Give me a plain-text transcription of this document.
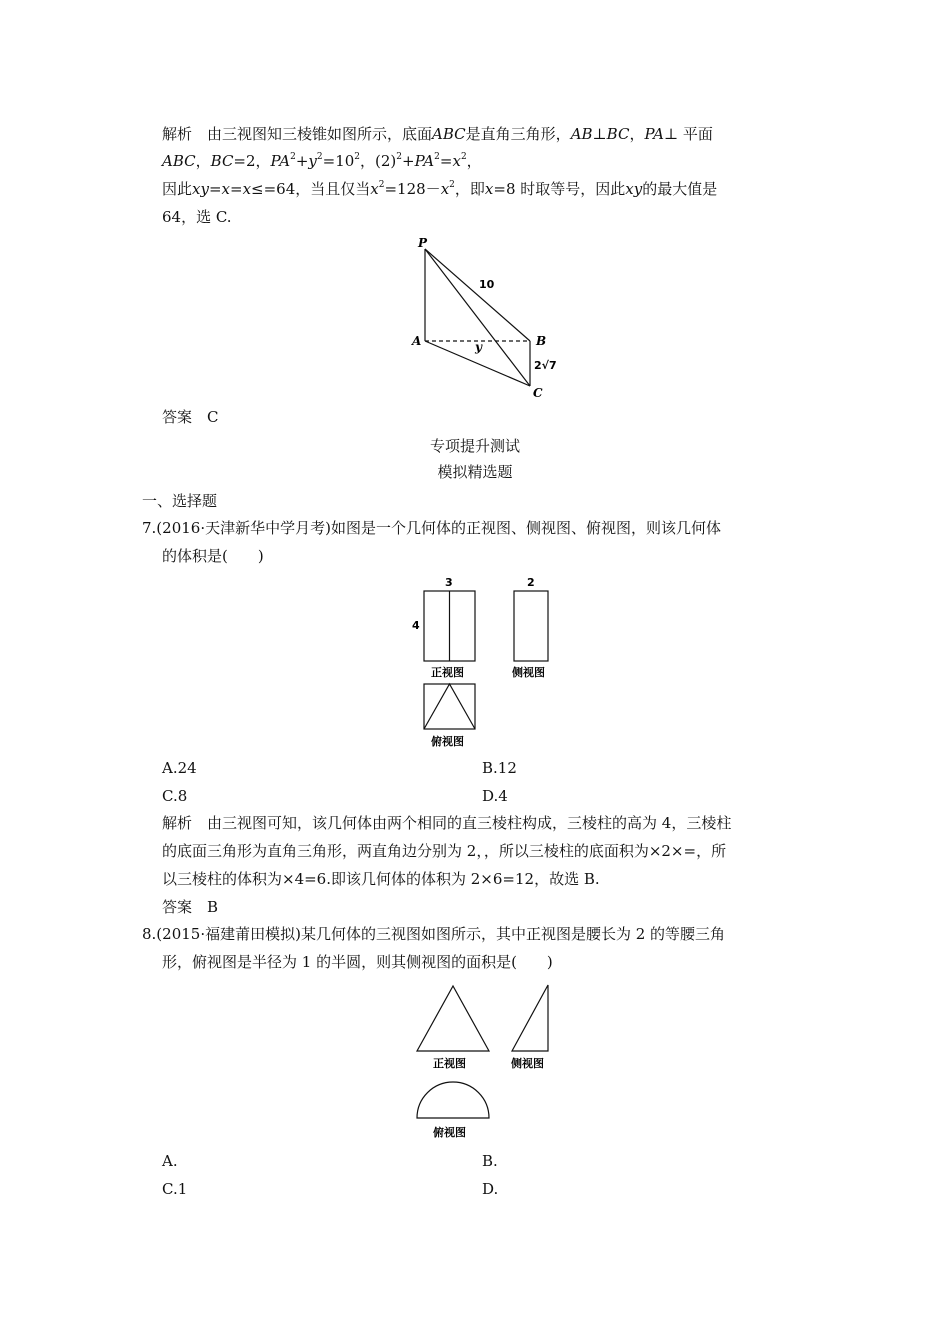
解析　 由三视图知三棱锥如图所示，底面ABC是直角三角形，AB⊥BC，PA⊥ 平面
ABC，BC=2，$PA^2+y^2=10^2$，$(2)^2+PA^2=x^2$，
因此xy=x=x≤=64，当且仅当$x^2=128-x^2$，即x=8 时取等号，因此xy的最大值是
64，选 C.
P
A	B
C
10
y
2√7
答案　C
专项提升测试
模拟精选题
一、选择题
7.(2016·天津新华中学月考)如图是一个几何体的正视图、侧视图、俯视图，则该几何体
的体积是(　　)
3	2
4
正视图	侧视图
俯视图
A.24	B.12
C.8	D.4
解析　由三视图可知，该几何体由两个相同的直三棱柱构成，三棱柱的高为 4，三棱柱
的底面三角形为直角三角形，两直角边分别为 2，，所以三棱柱的底面积为×2×=，所
以三棱柱的体积为×4=6.即该几何体的体积为 2×6=12，故选 B.
答案　B
8.(2015·福建莆田模拟)某几何体的三视图如图所示，其中正视图是腰长为 2 的等腰三角
形，俯视图是半径为 1 的半圆，则其侧视图的面积是(　　)
正视图	侧视图
俯视图
A.	B.
C.1	D.
